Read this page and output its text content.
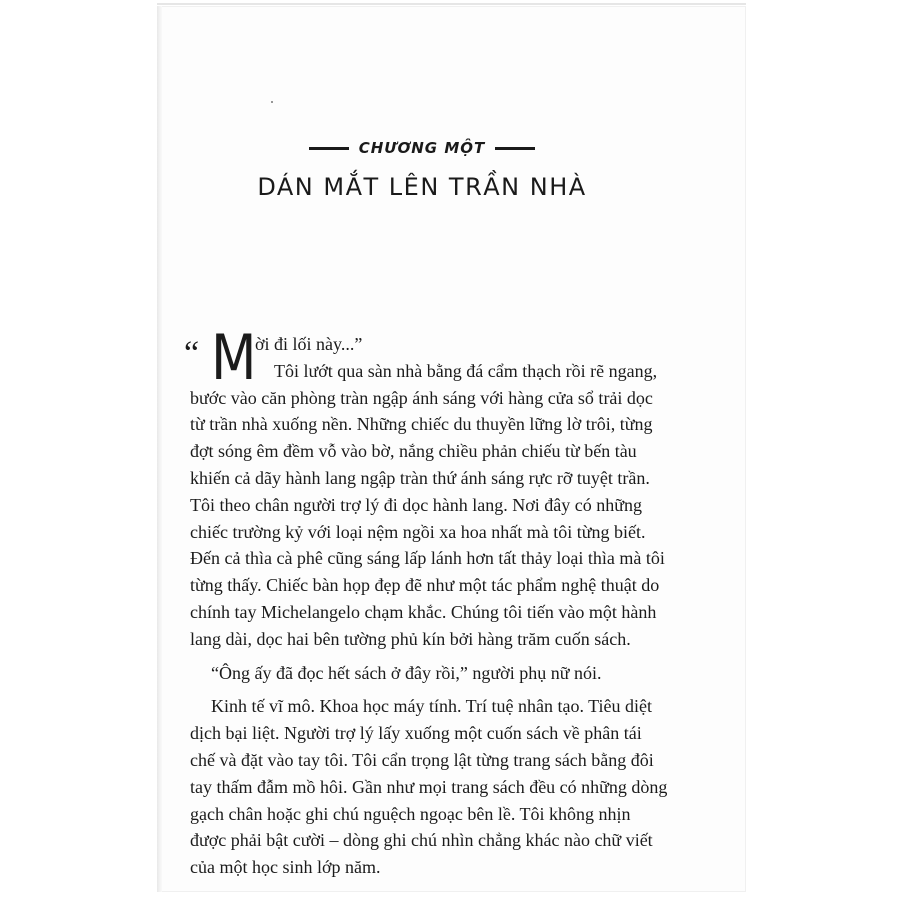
CHƯƠNG MỘT
DÁN MẮT LÊN TRẦN NHÀ
“ M
ời đi lối này...”
Tôi lướt qua sàn nhà bằng đá cẩm thạch rồi rẽ ngang, bước vào căn phòng tràn ngập ánh sáng với hàng cửa sổ trải dọc từ trần nhà xuống nền. Những chiếc du thuyền lững lờ trôi, từng đợt sóng êm đềm vỗ vào bờ, nắng chiều phản chiếu từ bến tàu khiến cả dãy hành lang ngập tràn thứ ánh sáng rực rỡ tuyệt trần. Tôi theo chân người trợ lý đi dọc hành lang. Nơi đây có những chiếc trường kỷ với loại nệm ngồi xa hoa nhất mà tôi từng biết. Đến cả thìa cà phê cũng sáng lấp lánh hơn tất thảy loại thìa mà tôi từng thấy. Chiếc bàn họp đẹp đẽ như một tác phẩm nghệ thuật do chính tay Michelangelo chạm khắc. Chúng tôi tiến vào một hành lang dài, dọc hai bên tường phủ kín bởi hàng trăm cuốn sách.

“Ông ấy đã đọc hết sách ở đây rồi,” người phụ nữ nói.

Kinh tế vĩ mô. Khoa học máy tính. Trí tuệ nhân tạo. Tiêu diệt dịch bại liệt. Người trợ lý lấy xuống một cuốn sách về phân tái chế và đặt vào tay tôi. Tôi cẩn trọng lật từng trang sách bằng đôi tay thấm đẫm mồ hôi. Gần như mọi trang sách đều có những dòng gạch chân hoặc ghi chú nguệch ngoạc bên lề. Tôi không nhịn được phải bật cười – dòng ghi chú nhìn chẳng khác nào chữ viết của một học sinh lớp năm.
